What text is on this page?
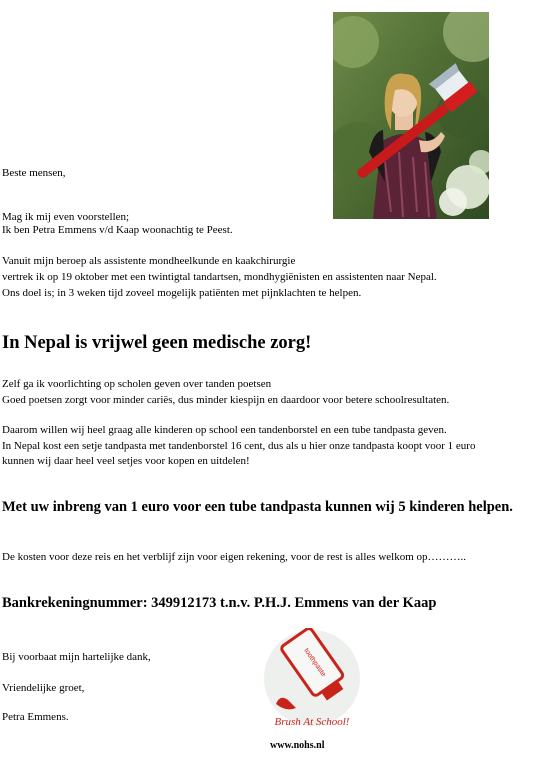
Beste mensen,
Mag ik mij even voorstellen;
Ik ben Petra Emmens v/d Kaap woonachtig te Peest.
Vanuit mijn beroep als assistente mondheelkunde en kaakchirurgie
vertrek ik op 19 oktober met een twintigtal tandartsen, mondhygiënisten en assistenten naar Nepal.
Ons doel is; in 3 weken tijd zoveel mogelijk patiënten met pijnklachten te helpen.
In Nepal is vrijwel geen medische zorg!
Zelf ga ik voorlichting op scholen geven over tanden poetsen
Goed poetsen zorgt voor minder cariës, dus minder kiespijn en daardoor voor betere schoolresultaten.
Daarom willen wij heel graag alle kinderen op school een tandenborstel en een tube tandpasta geven.
In Nepal kost een setje tandpasta met tandenborstel 16 cent, dus als u hier onze tandpasta koopt voor 1 euro
kunnen wij daar heel veel setjes voor kopen en uitdelen!
Met uw inbreng van 1 euro voor een tube tandpasta kunnen wij 5 kinderen helpen.
De kosten voor deze reis en het verblijf zijn voor eigen rekening, voor de rest is alles welkom op………..
Bankrekeningnummer: 349912173 t.n.v. P.H.J. Emmens van der Kaap
Bij voorbaat mijn hartelijke dank,
Vriendelijke groet,
Petra Emmens.
toothpaste
Brush At School!
www.nohs.nl
